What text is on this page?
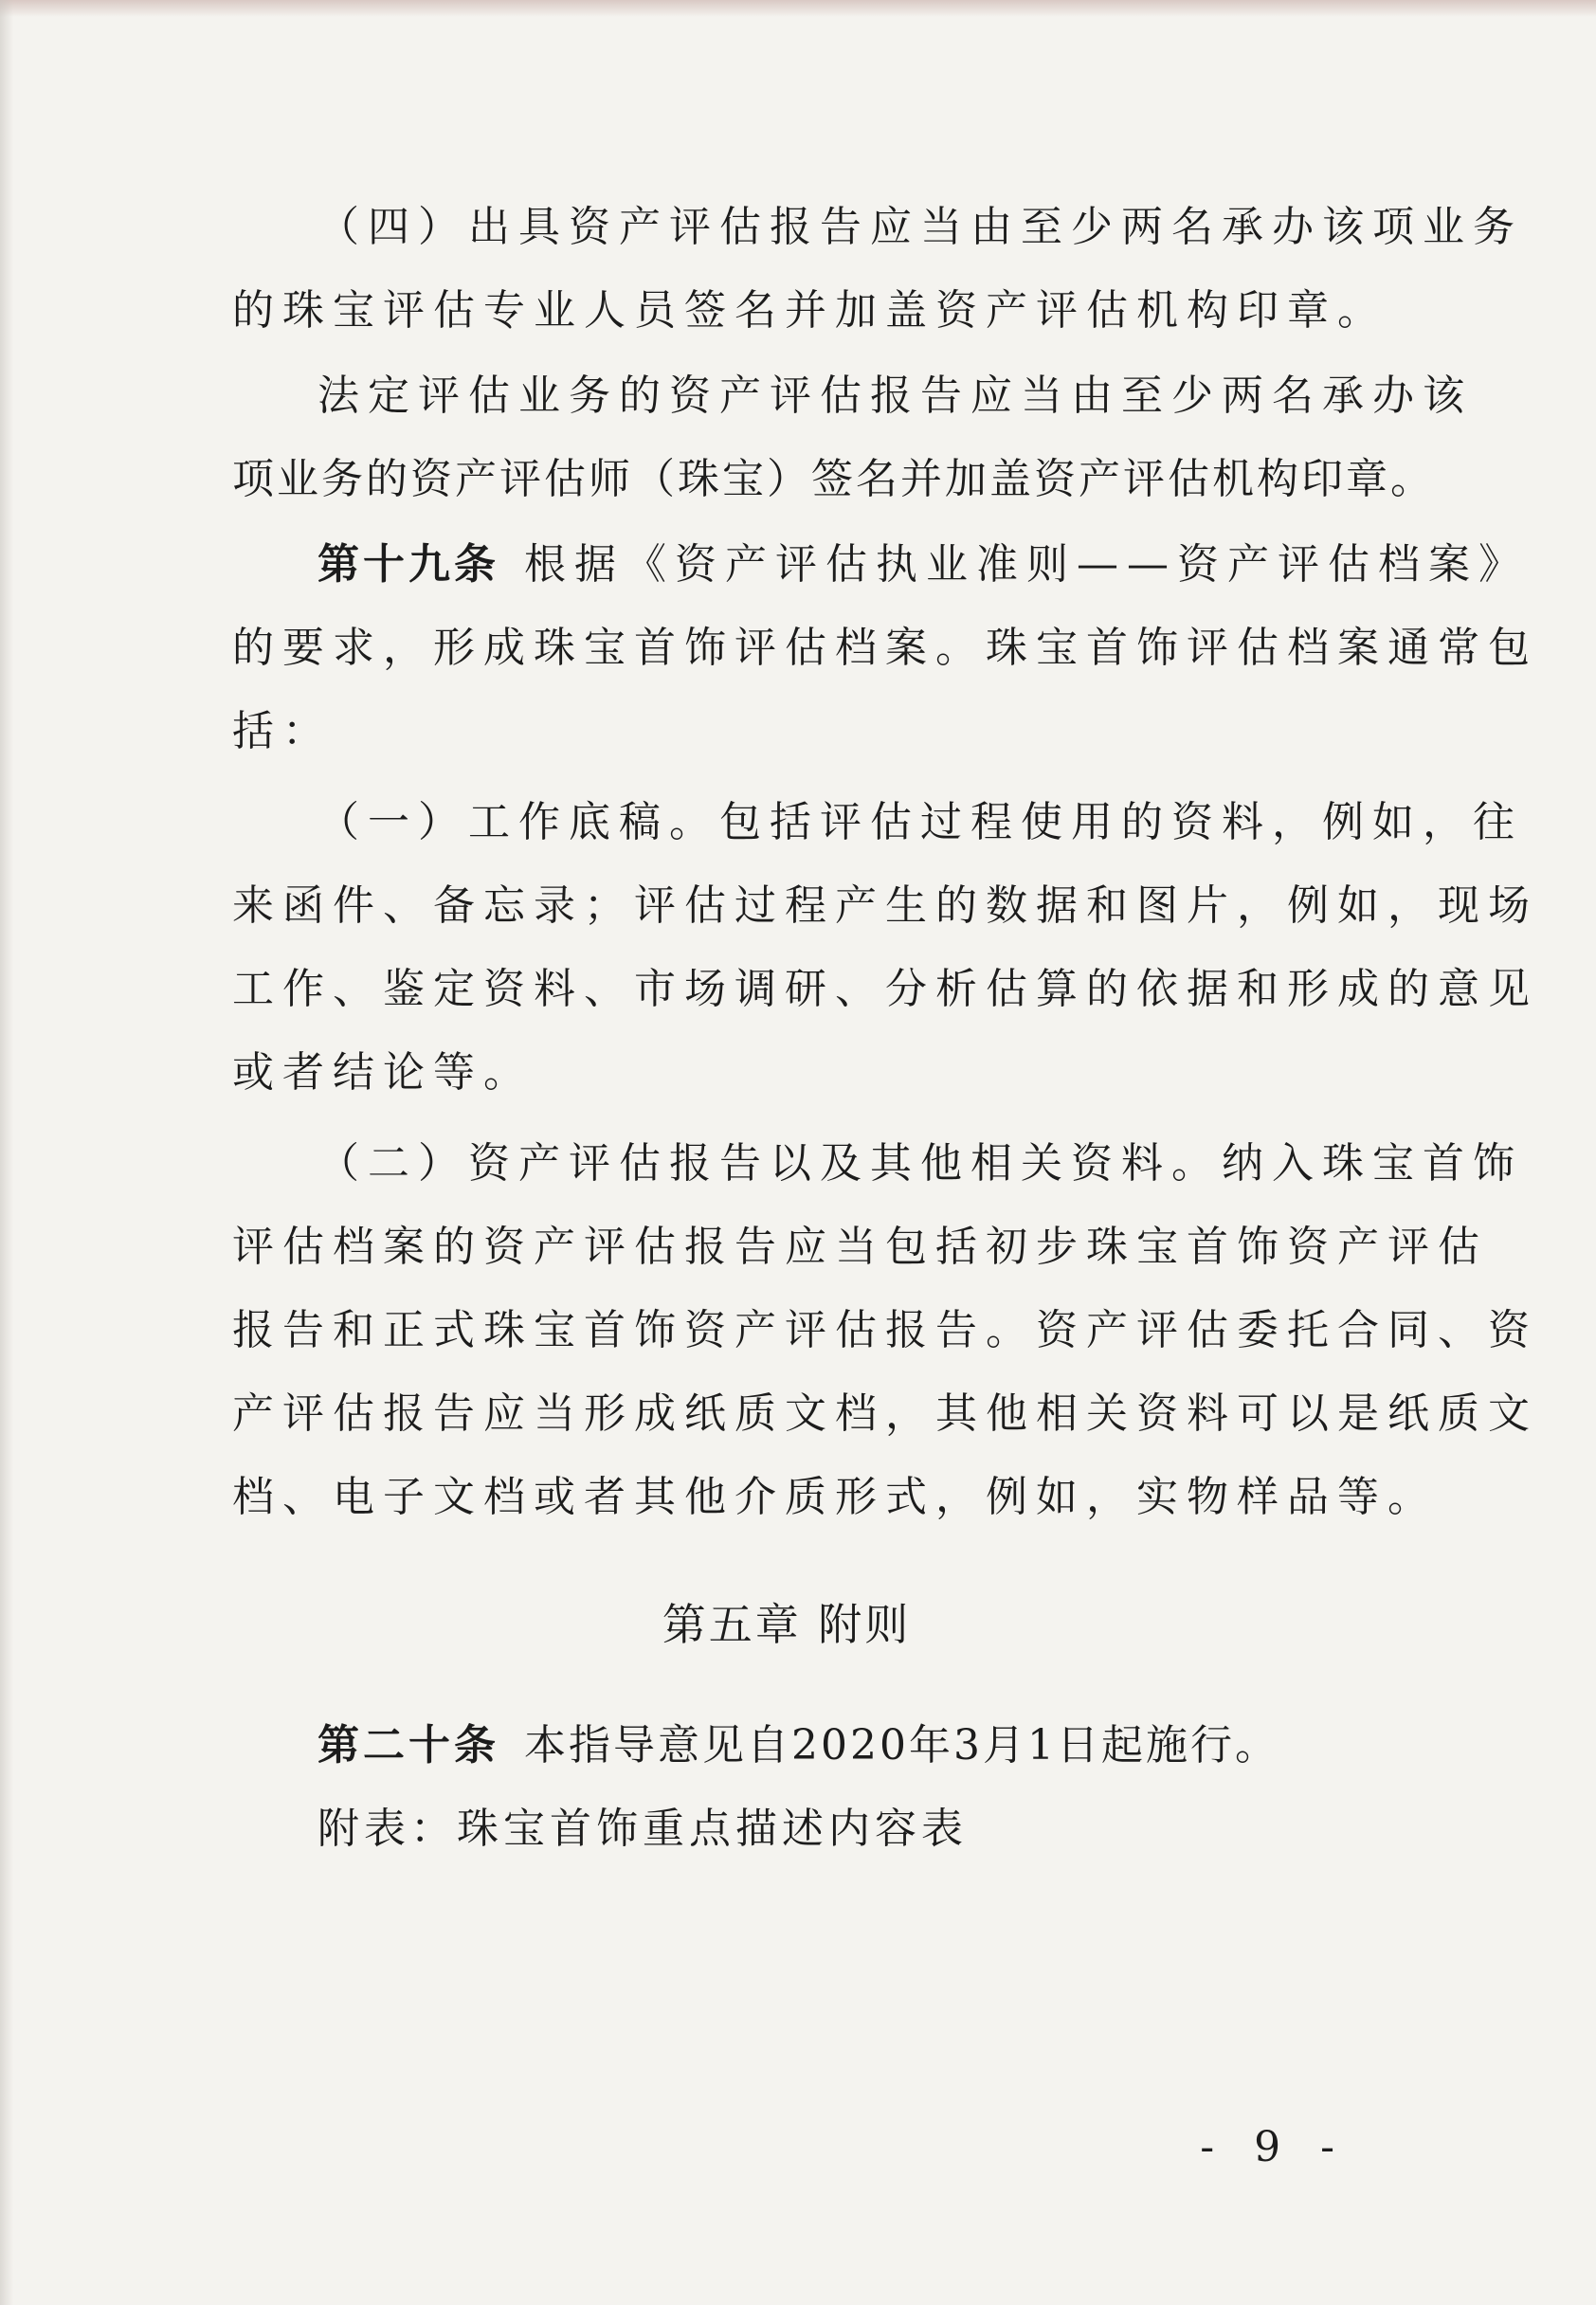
（四）出具资产评估报告应当由至少两名承办该项业务
的珠宝评估专业人员签名并加盖资产评估机构印章。
法定评估业务的资产评估报告应当由至少两名承办该
项业务的资产评估师（珠宝）签名并加盖资产评估机构印章。
第十九条 根据《资产评估执业准则——资产评估档案》
的要求，形成珠宝首饰评估档案。珠宝首饰评估档案通常包
括：
（一）工作底稿。包括评估过程使用的资料，例如，往
来函件、备忘录；评估过程产生的数据和图片，例如，现场
工作、鉴定资料、市场调研、分析估算的依据和形成的意见
或者结论等。
（二）资产评估报告以及其他相关资料。纳入珠宝首饰
评估档案的资产评估报告应当包括初步珠宝首饰资产评估
报告和正式珠宝首饰资产评估报告。资产评估委托合同、资
产评估报告应当形成纸质文档，其他相关资料可以是纸质文
档、电子文档或者其他介质形式，例如，实物样品等。
第五章 附则
第二十条 本指导意见自2020年3月1日起施行。
附表：珠宝首饰重点描述内容表
- 9 -
